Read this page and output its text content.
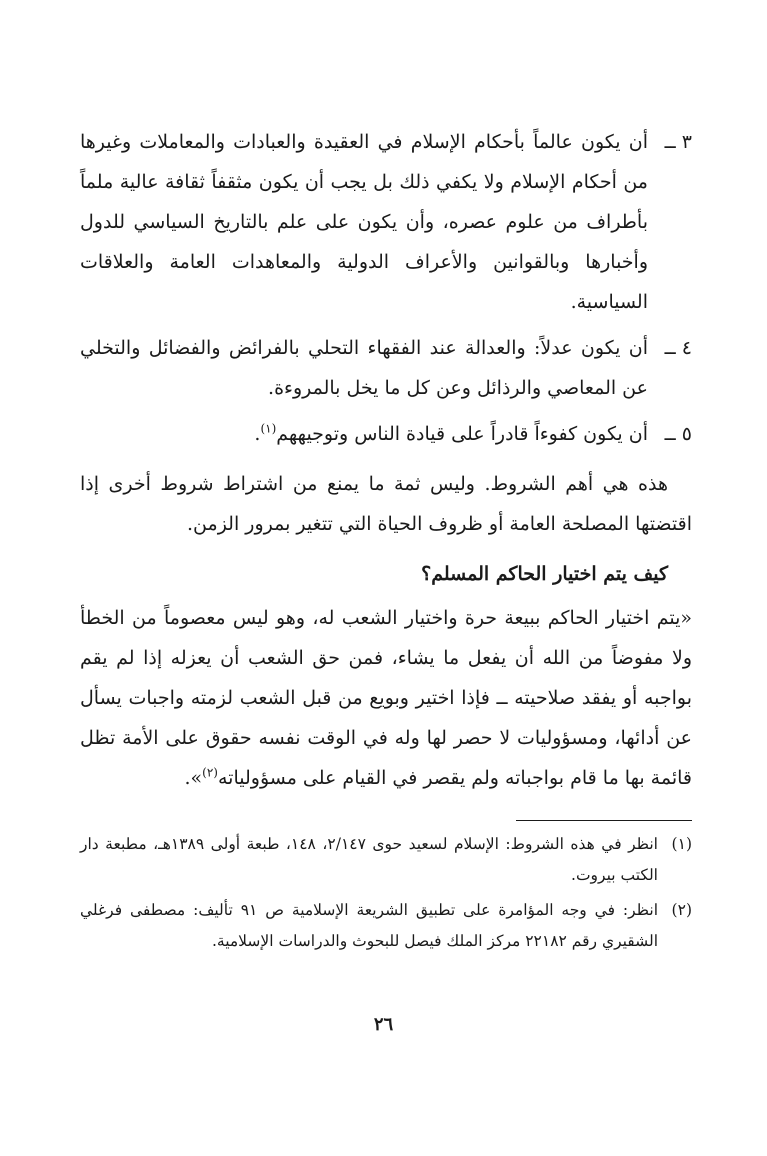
٣ ــ
أن يكون عالماً بأحكام الإسلام في العقيدة والعبادات والمعاملات وغيرها من أحكام الإسلام ولا يكفي ذلك بل يجب أن يكون مثقفاً ثقافة عالية ملماً بأطراف من علوم عصره، وأن يكون على علم بالتاريخ السياسي للدول وأخبارها وبالقوانين والأعراف الدولية والمعاهدات العامة والعلاقات السياسية.
٤ ــ
أن يكون عدلاً: والعدالة عند الفقهاء التحلي بالفرائض والفضائل والتخلي عن المعاصي والرذائل وعن كل ما يخل بالمروءة.
٥ ــ
أن يكون كفوءاً قادراً على قيادة الناس وتوجيههم$^{(١)}$.

هذه هي أهم الشروط. وليس ثمة ما يمنع من اشتراط شروط أخرى إذا اقتضتها المصلحة العامة أو ظروف الحياة التي تتغير بمرور الزمن.

كيف يتم اختيار الحاكم المسلم؟

«يتم اختيار الحاكم ببيعة حرة واختيار الشعب له، وهو ليس معصوماً من الخطأ ولا مفوضاً من الله أن يفعل ما يشاء، فمن حق الشعب أن يعزله إذا لم يقم بواجبه أو يفقد صلاحيته ــ فإذا اختير وبويع من قبل الشعب لزمته واجبات يسأل عن أدائها، ومسؤوليات لا حصر لها وله في الوقت نفسه حقوق على الأمة تظل قائمة بها ما قام بواجباته ولم يقصر في القيام على مسؤولياته$^{(٢)}$».

(١)
انظر في هذه الشروط: الإسلام لسعيد حوى ٢/١٤٧، ١٤٨، طبعة أولى ١٣٨٩هـ، مطبعة دار الكتب بيروت.
(٢)
انظر: في وجه المؤامرة على تطبيق الشريعة الإسلامية ص ٩١ تأليف: مصطفى فرغلي الشقيري رقم ٢٢١٨٢ مركز الملك فيصل للبحوث والدراسات الإسلامية.
٢٦
